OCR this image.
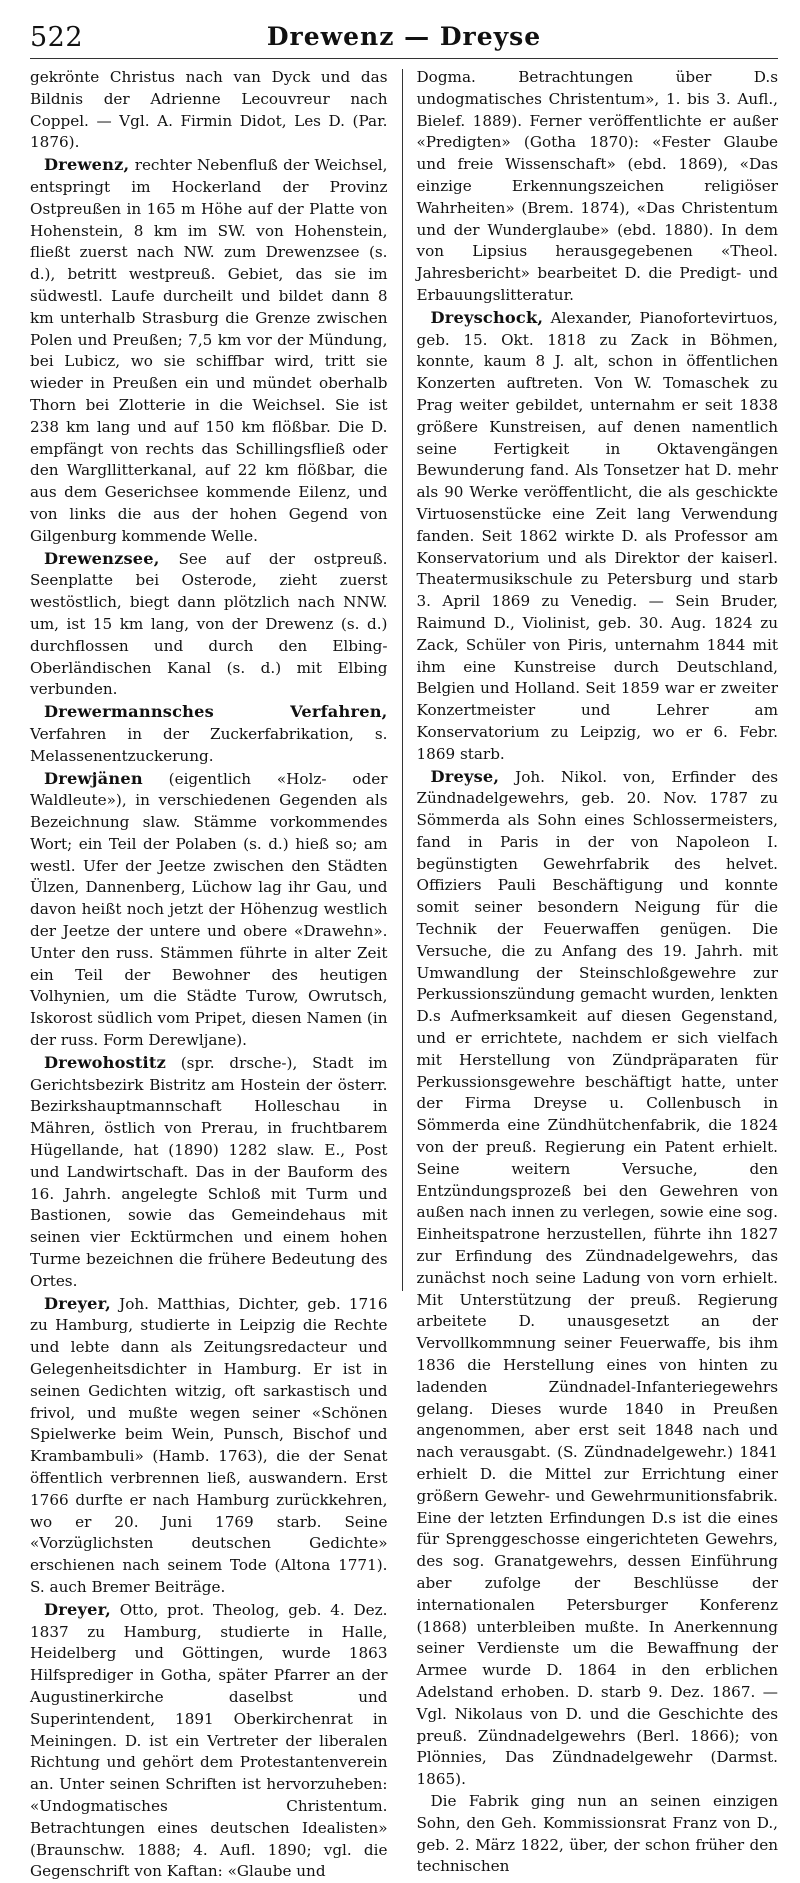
522	Drewenz — Dreyse

gekrönte Christus nach van Dyck und das Bildnis der Adrienne Lecouvreur nach Coppel. — Vgl. A. Firmin Didot, Les D. (Par. 1876).

Drewenz, rechter Nebenfluß der Weichsel, entspringt im Hockerland der Provinz Ostpreußen in 165 m Höhe auf der Platte von Hohenstein, 8 km im SW. von Hohenstein, fließt zuerst nach NW. zum Drewenzsee (s. d.), betritt westpreuß. Gebiet, das sie im südwestl. Laufe durcheilt und bildet dann 8 km unterhalb Strasburg die Grenze zwischen Polen und Preußen; 7,5 km vor der Mündung, bei Lubicz, wo sie schiffbar wird, tritt sie wieder in Preußen ein und mündet oberhalb Thorn bei Zlotterie in die Weichsel. Sie ist 238 km lang und auf 150 km flößbar. Die D. empfängt von rechts das Schillingsfließ oder den Wargllitterkanal, auf 22 km flößbar, die aus dem Geserichsee kommende Eilenz, und von links die aus der hohen Gegend von Gilgenburg kommende Welle.

Drewenzsee, See auf der ostpreuß. Seenplatte bei Osterode, zieht zuerst westöstlich, biegt dann plötzlich nach NNW. um, ist 15 km lang, von der Drewenz (s. d.) durchflossen und durch den Elbing-Oberländischen Kanal (s. d.) mit Elbing verbunden.

Drewermannsches Verfahren, Verfahren in der Zuckerfabrikation, s. Melassenentzuckerung.

Drewjänen (eigentlich «Holz- oder Waldleute»), in verschiedenen Gegenden als Bezeichnung slaw. Stämme vorkommendes Wort; ein Teil der Polaben (s. d.) hieß so; am westl. Ufer der Jeetze zwischen den Städten Ülzen, Dannenberg, Lüchow lag ihr Gau, und davon heißt noch jetzt der Höhenzug westlich der Jeetze der untere und obere «Drawehn». Unter den russ. Stämmen führte in alter Zeit ein Teil der Bewohner des heutigen Volhynien, um die Städte Turow, Owrutsch, Iskorost südlich vom Pripet, diesen Namen (in der russ. Form Derewljane).

Drewohostitz (spr. drsche-), Stadt im Gerichtsbezirk Bistritz am Hostein der österr. Bezirkshauptmannschaft Holleschau in Mähren, östlich von Prerau, in fruchtbarem Hügellande, hat (1890) 1282 slaw. E., Post und Landwirtschaft. Das in der Bauform des 16. Jahrh. angelegte Schloß mit Turm und Bastionen, sowie das Gemeindehaus mit seinen vier Ecktürmchen und einem hohen Turme bezeichnen die frühere Bedeutung des Ortes.

Dreyer, Joh. Matthias, Dichter, geb. 1716 zu Hamburg, studierte in Leipzig die Rechte und lebte dann als Zeitungsredacteur und Gelegenheitsdichter in Hamburg. Er ist in seinen Gedichten witzig, oft sarkastisch und frivol, und mußte wegen seiner «Schönen Spielwerke beim Wein, Punsch, Bischof und Krambambuli» (Hamb. 1763), die der Senat öffentlich verbrennen ließ, auswandern. Erst 1766 durfte er nach Hamburg zurückkehren, wo er 20. Juni 1769 starb. Seine «Vorzüglichsten deutschen Gedichte» erschienen nach seinem Tode (Altona 1771). S. auch Bremer Beiträge.

Dreyer, Otto, prot. Theolog, geb. 4. Dez. 1837 zu Hamburg, studierte in Halle, Heidelberg und Göttingen, wurde 1863 Hilfsprediger in Gotha, später Pfarrer an der Augustinerkirche daselbst und Superintendent, 1891 Oberkirchenrat in Meiningen. D. ist ein Vertreter der liberalen Richtung und gehört dem Protestantenverein an. Unter seinen Schriften ist hervorzuheben: «Undogmatisches Christentum. Betrachtungen eines deutschen Idealisten» (Braunschw. 1888; 4. Aufl. 1890; vgl. die Gegenschrift von Kaftan: «Glaube und

Dogma. Betrachtungen über D.s undogmatisches Christentum», 1. bis 3. Aufl., Bielef. 1889). Ferner veröffentlichte er außer «Predigten» (Gotha 1870): «Fester Glaube und freie Wissenschaft» (ebd. 1869), «Das einzige Erkennungszeichen religiöser Wahrheiten» (Brem. 1874), «Das Christentum und der Wunderglaube» (ebd. 1880). In dem von Lipsius herausgegebenen «Theol. Jahresbericht» bearbeitet D. die Predigt- und Erbauungslitteratur.

Dreyschock, Alexander, Pianofortevirtuos, geb. 15. Okt. 1818 zu Zack in Böhmen, konnte, kaum 8 J. alt, schon in öffentlichen Konzerten auftreten. Von W. Tomaschek zu Prag weiter gebildet, unternahm er seit 1838 größere Kunstreisen, auf denen namentlich seine Fertigkeit in Oktavengängen Bewunderung fand. Als Tonsetzer hat D. mehr als 90 Werke veröffentlicht, die als geschickte Virtuosenstücke eine Zeit lang Verwendung fanden. Seit 1862 wirkte D. als Professor am Konservatorium und als Direktor der kaiserl. Theatermusikschule zu Petersburg und starb 3. April 1869 zu Venedig. — Sein Bruder, Raimund D., Violinist, geb. 30. Aug. 1824 zu Zack, Schüler von Piris, unternahm 1844 mit ihm eine Kunstreise durch Deutschland, Belgien und Holland. Seit 1859 war er zweiter Konzertmeister und Lehrer am Konservatorium zu Leipzig, wo er 6. Febr. 1869 starb.

Dreyse, Joh. Nikol. von, Erfinder des Zündnadelgewehrs, geb. 20. Nov. 1787 zu Sömmerda als Sohn eines Schlossermeisters, fand in Paris in der von Napoleon I. begünstigten Gewehrfabrik des helvet. Offiziers Pauli Beschäftigung und konnte somit seiner besondern Neigung für die Technik der Feuerwaffen genügen. Die Versuche, die zu Anfang des 19. Jahrh. mit Umwandlung der Steinschloßgewehre zur Perkussionszündung gemacht wurden, lenkten D.s Aufmerksamkeit auf diesen Gegenstand, und er errichtete, nachdem er sich vielfach mit Herstellung von Zündpräparaten für Perkussionsgewehre beschäftigt hatte, unter der Firma Dreyse u. Collenbusch in Sömmerda eine Zündhütchenfabrik, die 1824 von der preuß. Regierung ein Patent erhielt. Seine weitern Versuche, den Entzündungsprozeß bei den Gewehren von außen nach innen zu verlegen, sowie eine sog. Einheitspatrone herzustellen, führte ihn 1827 zur Erfindung des Zündnadelgewehrs, das zunächst noch seine Ladung von vorn erhielt. Mit Unterstützung der preuß. Regierung arbeitete D. unausgesetzt an der Vervollkommnung seiner Feuerwaffe, bis ihm 1836 die Herstellung eines von hinten zu ladenden Zündnadel-Infanteriegewehrs gelang. Dieses wurde 1840 in Preußen angenommen, aber erst seit 1848 nach und nach verausgabt. (S. Zündnadelgewehr.) 1841 erhielt D. die Mittel zur Errichtung einer größern Gewehr- und Gewehrmunitionsfabrik. Eine der letzten Erfindungen D.s ist die eines für Sprenggeschosse eingerichteten Gewehrs, des sog. Granatgewehrs, dessen Einführung aber zufolge der Beschlüsse der internationalen Petersburger Konferenz (1868) unterbleiben mußte. In Anerkennung seiner Verdienste um die Bewaffnung der Armee wurde D. 1864 in den erblichen Adelstand erhoben. D. starb 9. Dez. 1867. — Vgl. Nikolaus von D. und die Geschichte des preuß. Zündnadelgewehrs (Berl. 1866); von Plönnies, Das Zündnadelgewehr (Darmst. 1865).

Die Fabrik ging nun an seinen einzigen Sohn, den Geh. Kommissionsrat Franz von D., geb. 2. März 1822, über, der schon früher den technischen
